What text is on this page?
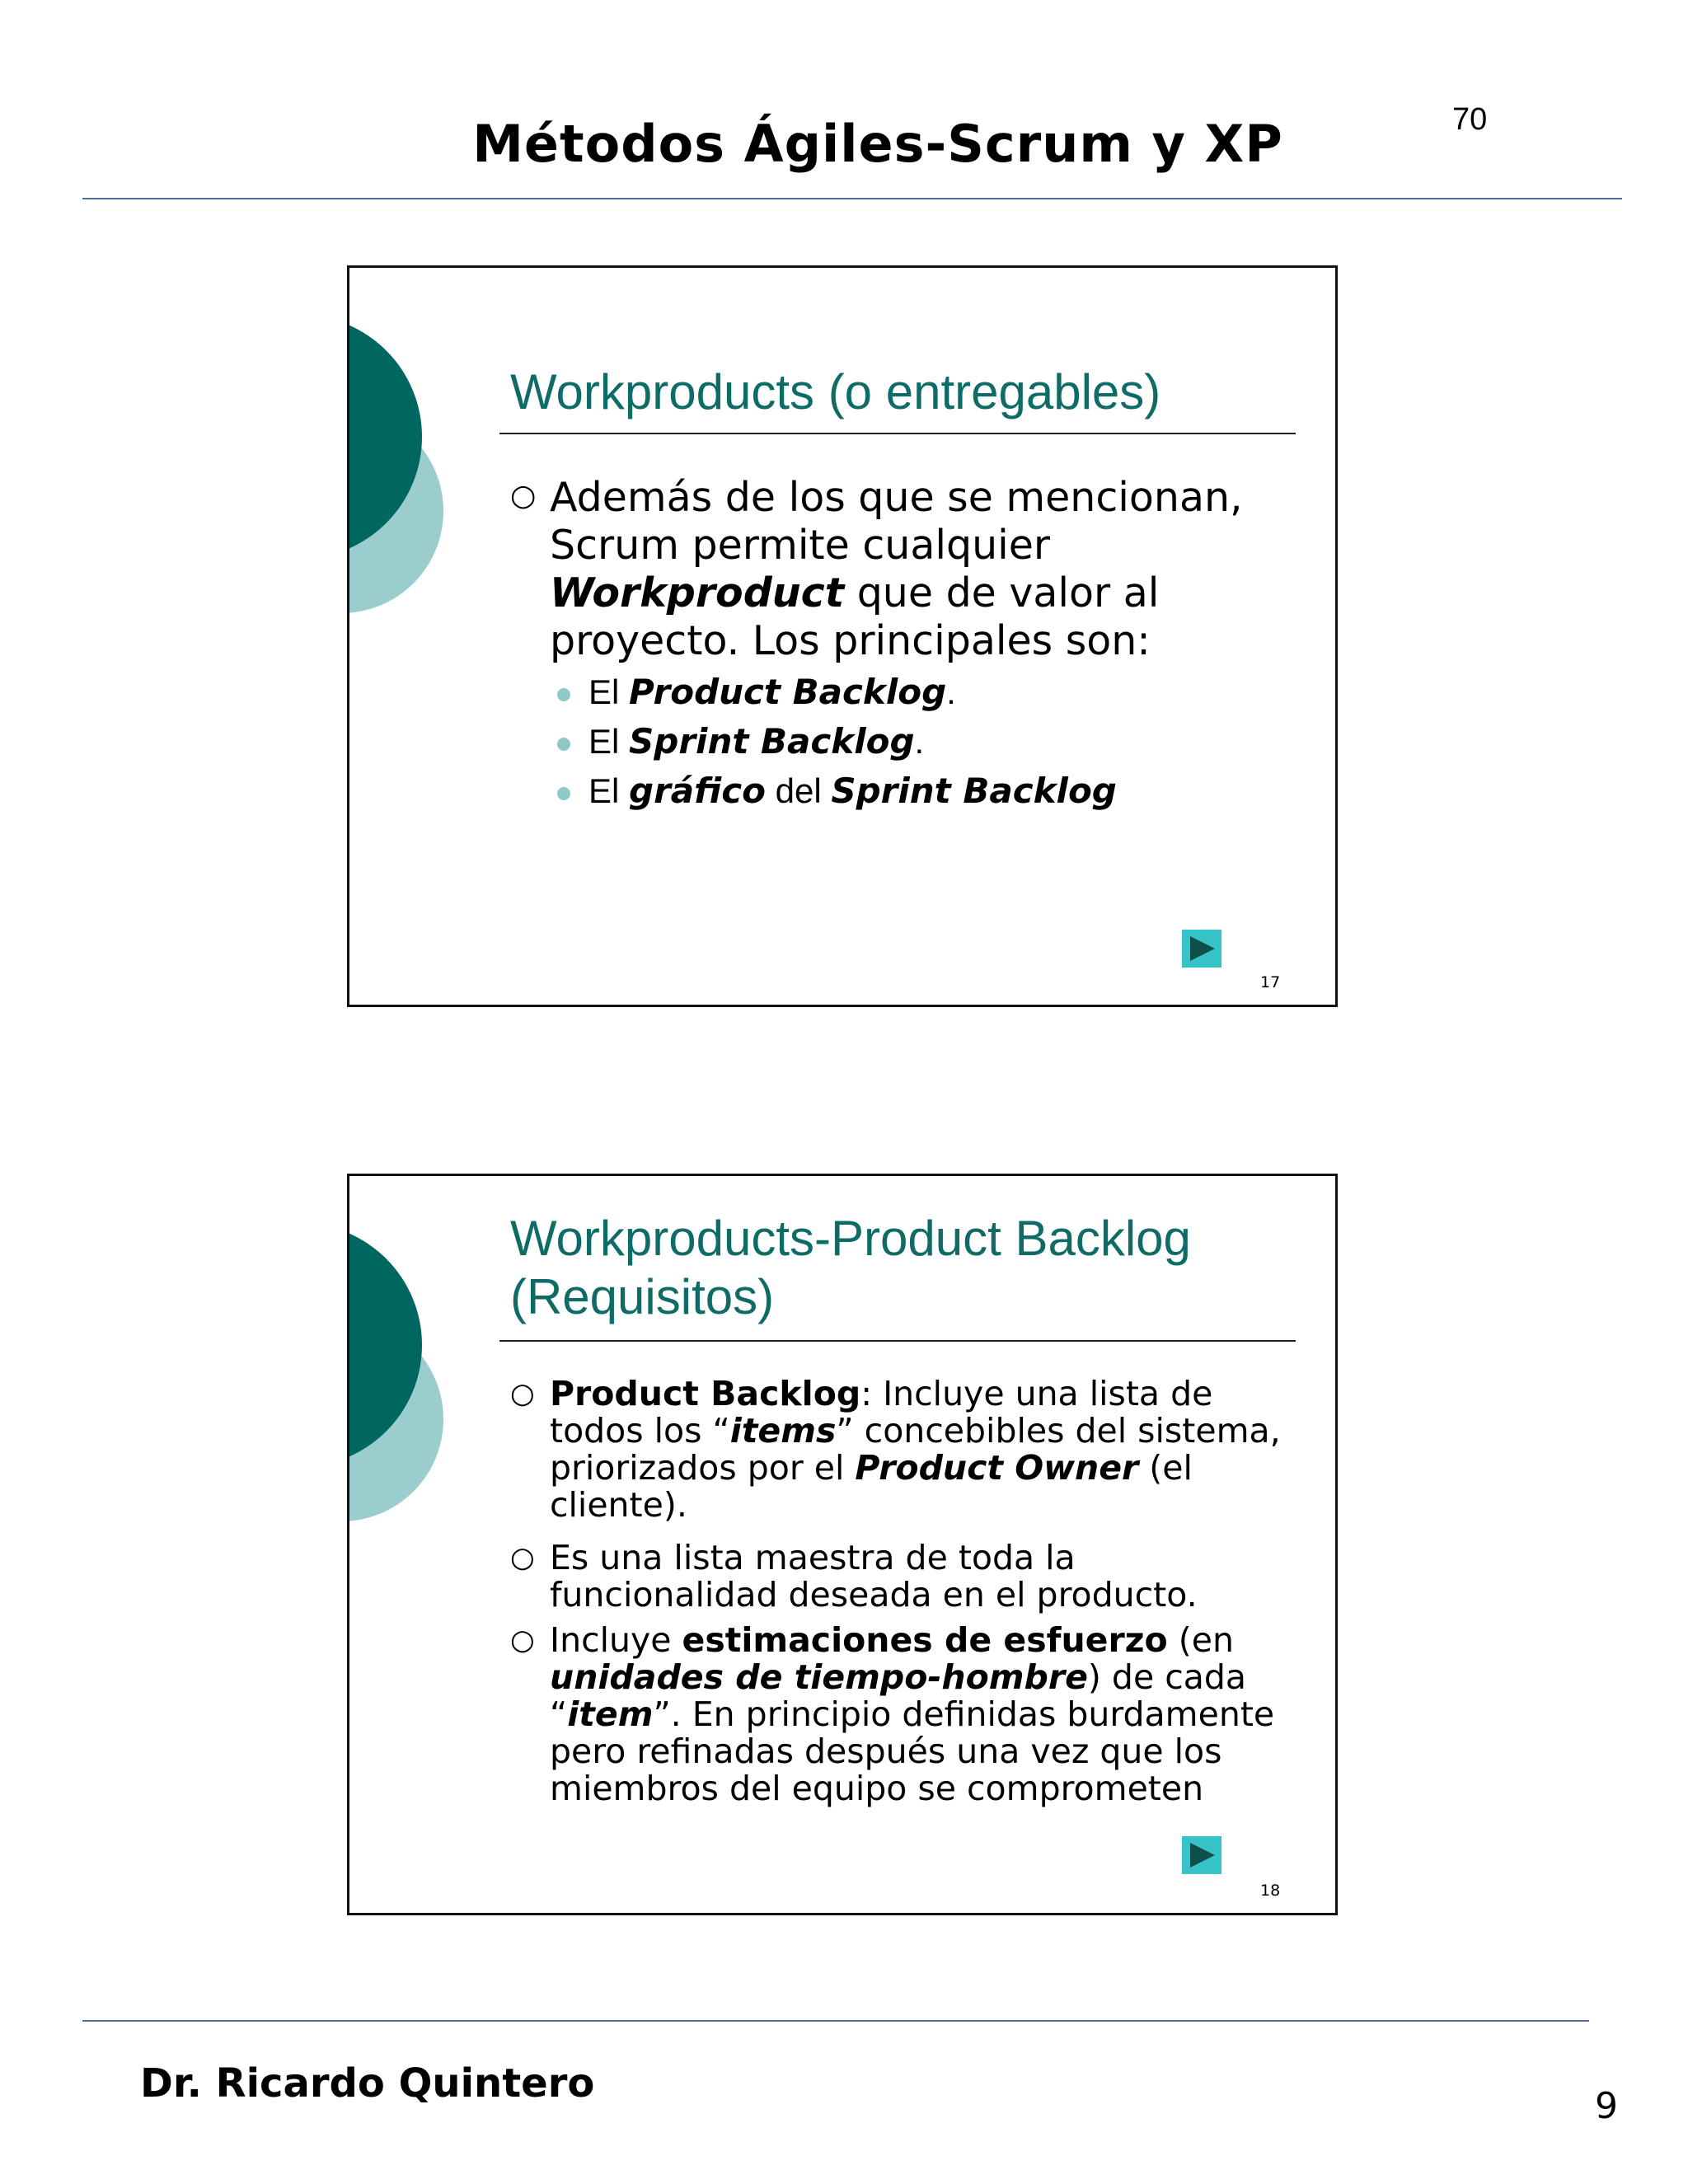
Métodos Ágiles-Scrum y XP	70
Workproducts (o entregables)
○ Además de los que se mencionan, Scrum permite cualquier Workproduct que de valor al proyecto. Los principales son:
El Product Backlog.
El Sprint Backlog.
El gráfico del Sprint Backlog
17
Workproducts-Product Backlog
(Requisitos)
○ Product Backlog: Incluye una lista de todos los “items” concebibles del sistema, priorizados por el Product Owner (el cliente).
○ Es una lista maestra de toda la funcionalidad deseada en el producto.
○ Incluye estimaciones de esfuerzo (en unidades de tiempo-hombre) de cada “item”. En principio definidas burdamente pero refinadas después una vez que los miembros del equipo se comprometen
18
Dr. Ricardo Quintero	9
